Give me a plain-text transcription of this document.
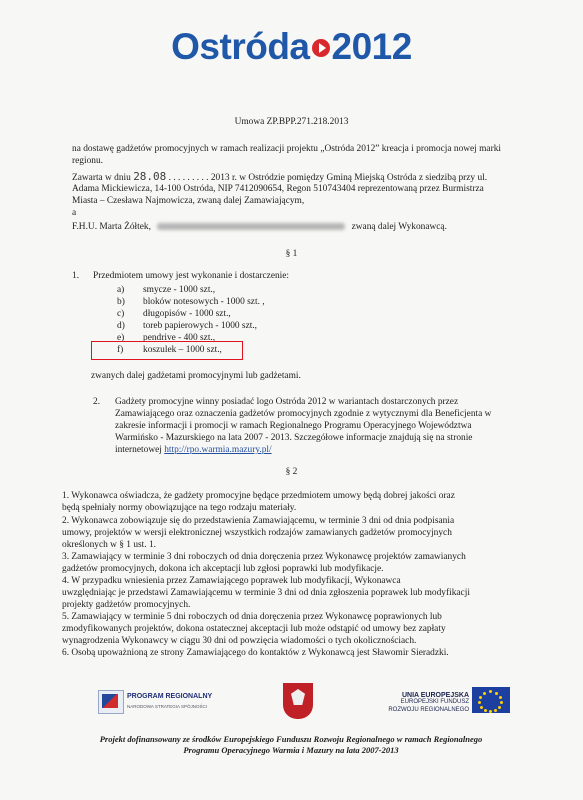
Ostróda 2012
Umowa ZP.BPP.271.218.2013
na dostawę gadżetów promocyjnych w ramach realizacji projektu „Ostróda 2012” kreacja i promocja nowej marki regionu.
Zawarta w dniu 28.08 . . . . . . . . . 2013 r. w Ostródzie pomiędzy Gminą Miejską Ostróda z siedzibą przy ul.
Adama Mickiewicza, 14-100 Ostróda, NIP 7412090654, Regon 510743404 reprezentowaną przez Burmistrza
Miasta – Czesława Najmowicza, zwaną dalej Zamawiającym,
a
F.H.U. Marta Żółtek,	zwaną dalej Wykonawcą.
§ 1
1. Przedmiotem umowy jest wykonanie i dostarczenie:
a) smycze - 1000 szt.,
b) bloków notesowych - 1000 szt. ,
c) długopisów - 1000 szt.,
d) toreb papierowych - 1000 szt.,
e) pendrive - 400 szt.,
f) koszulek – 1000 szt.,
zwanych dalej gadżetami promocyjnymi lub gadżetami.
2. Gadżety promocyjne winny posiadać logo Ostróda 2012 w wariantach dostarczonych przez
Zamawiającego oraz oznaczenia gadżetów promocyjnych zgodnie z wytycznymi dla Beneficjenta w
zakresie informacji i promocji w ramach Regionalnego Programu Operacyjnego Województwa
Warmińsko - Mazurskiego na lata 2007 - 2013. Szczegółowe informacje znajdują się na stronie
internetowej http://rpo.warmia.mazury.pl/
§ 2
1. Wykonawca oświadcza, że gadżety promocyjne będące przedmiotem umowy będą dobrej jakości oraz
będą spełniały normy obowiązujące na tego rodzaju materiały.
2. Wykonawca zobowiązuje się do przedstawienia Zamawiającemu, w terminie 3 dni od dnia podpisania
umowy, projektów w wersji elektronicznej wszystkich rodzajów zamawianych gadżetów promocyjnych
określonych w § 1 ust. 1.
3. Zamawiający w terminie 3 dni roboczych od dnia doręczenia przez Wykonawcę projektów zamawianych
gadżetów promocyjnych, dokona ich akceptacji lub zgłosi poprawki lub modyfikacje.
4. W przypadku wniesienia przez Zamawiającego poprawek lub modyfikacji, Wykonawca
uwzględniając je przedstawi Zamawiającemu w terminie 3 dni od dnia zgłoszenia poprawek lub modyfikacji
projekty gadżetów promocyjnych.
5. Zamawiający w terminie 5 dni roboczych od dnia doręczenia przez Wykonawcę poprawionych lub
zmodyfikowanych projektów, dokona ostatecznej akceptacji lub może odstąpić od umowy bez zapłaty
wynagrodzenia Wykonawcy w ciągu 30 dni od powzięcia wiadomości o tych okolicznościach.
6. Osobą upoważnioną ze strony Zamawiającego do kontaktów z Wykonawcą jest Sławomir Sieradzki.
PROGRAM REGIONALNY
NARODOWA STRATEGIA SPÓJNOŚCI
UNIA EUROPEJSKA
EUROPEJSKI FUNDUSZ
ROZWOJU REGIONALNEGO
Projekt dofinansowany ze środków Europejskiego Funduszu Rozwoju Regionalnego w ramach Regionalnego
Programu Operacyjnego Warmia i Mazury na lata 2007-2013
